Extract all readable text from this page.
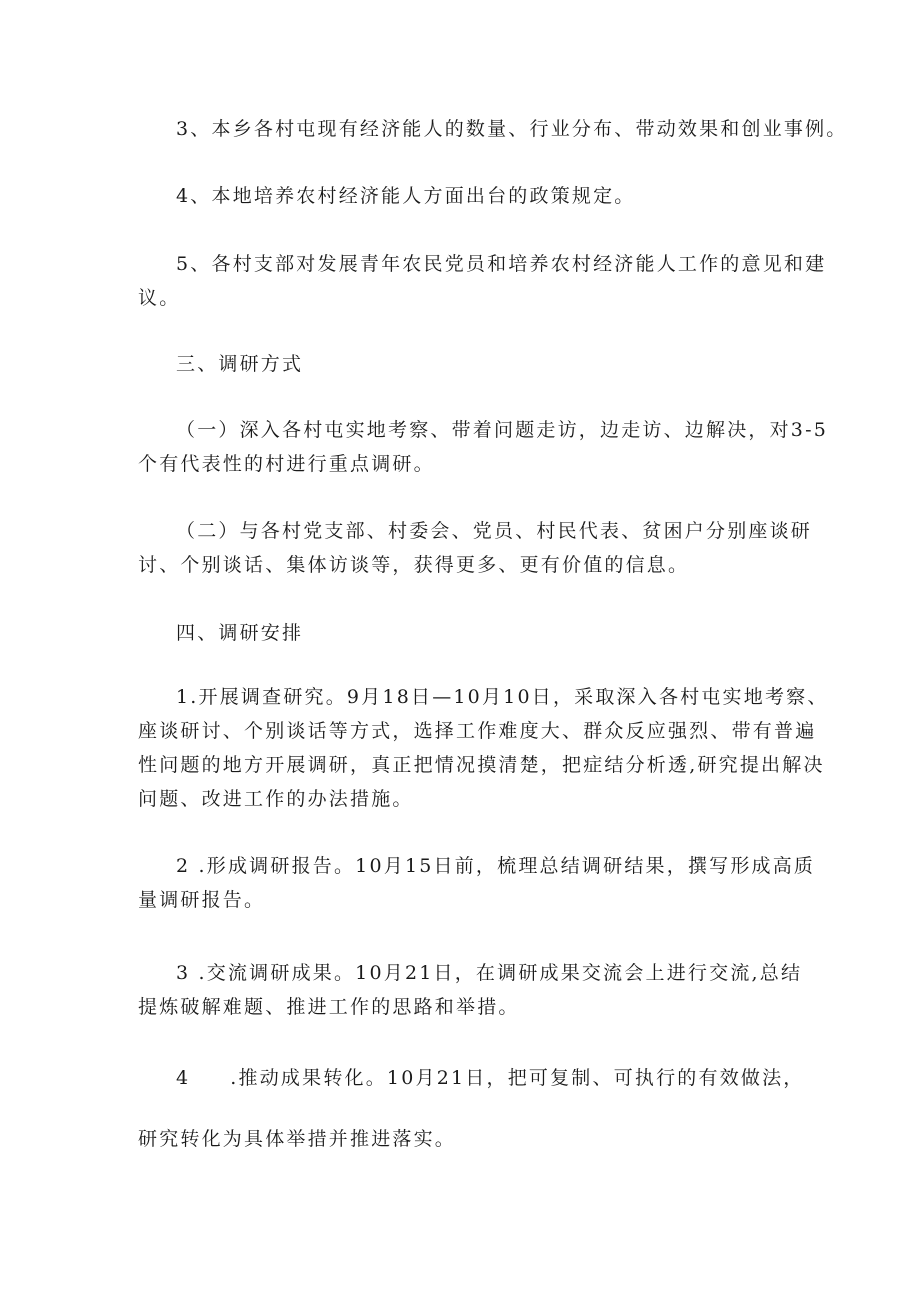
3、本乡各村屯现有经济能人的数量、行业分布、带动效果和创业事例。
4、本地培养农村经济能人方面出台的政策规定。
5、各村支部对发展青年农民党员和培养农村经济能人工作的意见和建
议。
三、调研方式
（一）深入各村屯实地考察、带着问题走访，边走访、边解决，对3-5
个有代表性的村进行重点调研。
（二）与各村党支部、村委会、党员、村民代表、贫困户分别座谈研
讨、个别谈话、集体访谈等，获得更多、更有价值的信息。
四、调研安排
1.开展调查研究。9月18日—10月10日，采取深入各村屯实地考察、
座谈研讨、个别谈话等方式，选择工作难度大、群众反应强烈、带有普遍
性问题的地方开展调研，真正把情况摸清楚，把症结分析透,研究提出解决
问题、改进工作的办法措施。
2 .形成调研报告。10月15日前，梳理总结调研结果，撰写形成高质
量调研报告。
3 .交流调研成果。10月21日，在调研成果交流会上进行交流,总结
提炼破解难题、推进工作的思路和举措。
4 .推动成果转化。10月21日，把可复制、可执行的有效做法，
研究转化为具体举措并推进落实。
